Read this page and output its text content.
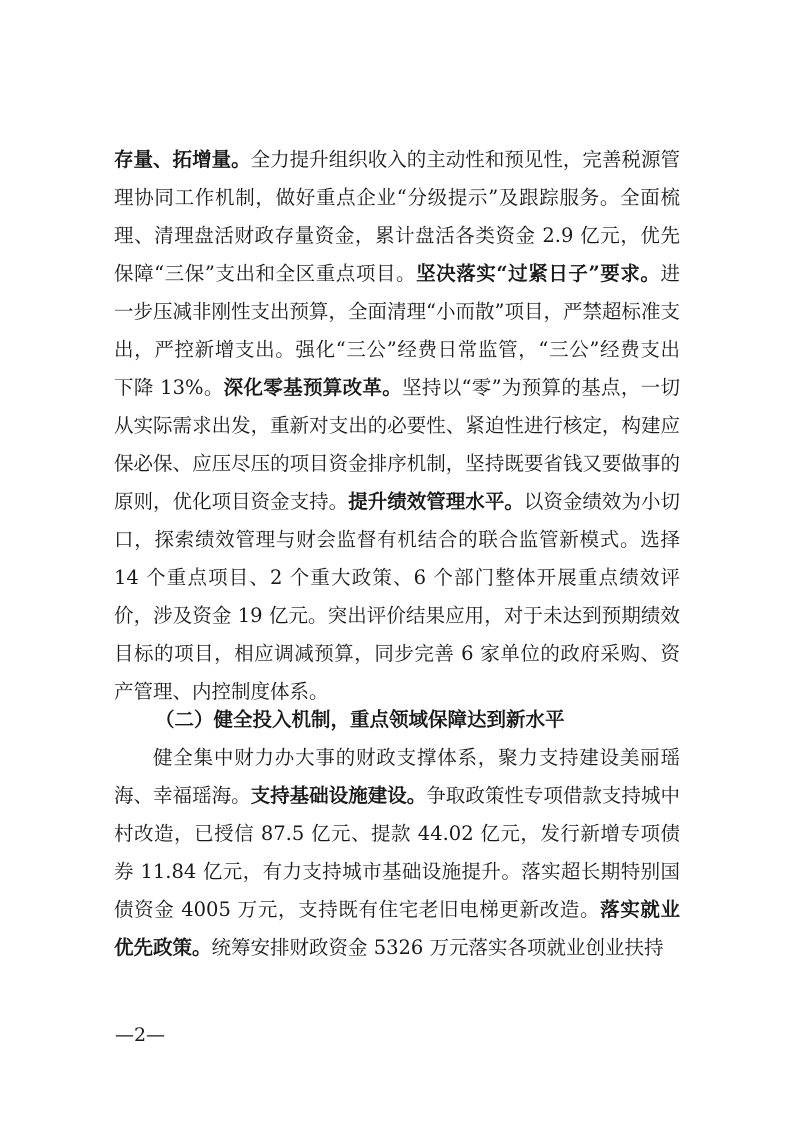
存量、拓增量。全力提升组织收入的主动性和预见性，完善税源管理协同工作机制，做好重点企业“分级提示”及跟踪服务。全面梳理、清理盘活财政存量资金，累计盘活各类资金 2.9 亿元，优先保障“三保”支出和全区重点项目。坚决落实“过紧日子”要求。进一步压减非刚性支出预算，全面清理“小而散”项目，严禁超标准支出，严控新增支出。强化“三公”经费日常监管，“三公”经费支出下降 13%。深化零基预算改革。坚持以“零”为预算的基点，一切从实际需求出发，重新对支出的必要性、紧迫性进行核定，构建应保必保、应压尽压的项目资金排序机制，坚持既要省钱又要做事的原则，优化项目资金支持。提升绩效管理水平。以资金绩效为小切口，探索绩效管理与财会监督有机结合的联合监管新模式。选择 14 个重点项目、2 个重大政策、6 个部门整体开展重点绩效评价，涉及资金 19 亿元。突出评价结果应用，对于未达到预期绩效目标的项目，相应调减预算，同步完善 6 家单位的政府采购、资产管理、内控制度体系。

（二）健全投入机制，重点领域保障达到新水平

健全集中财力办大事的财政支撑体系，聚力支持建设美丽瑶海、幸福瑶海。支持基础设施建设。争取政策性专项借款支持城中村改造，已授信 87.5 亿元、提款 44.02 亿元，发行新增专项债券 11.84 亿元，有力支持城市基础设施提升。落实超长期特别国债资金 4005 万元，支持既有住宅老旧电梯更新改造。落实就业优先政策。统筹安排财政资金 5326 万元落实各项就业创业扶持

—2—
